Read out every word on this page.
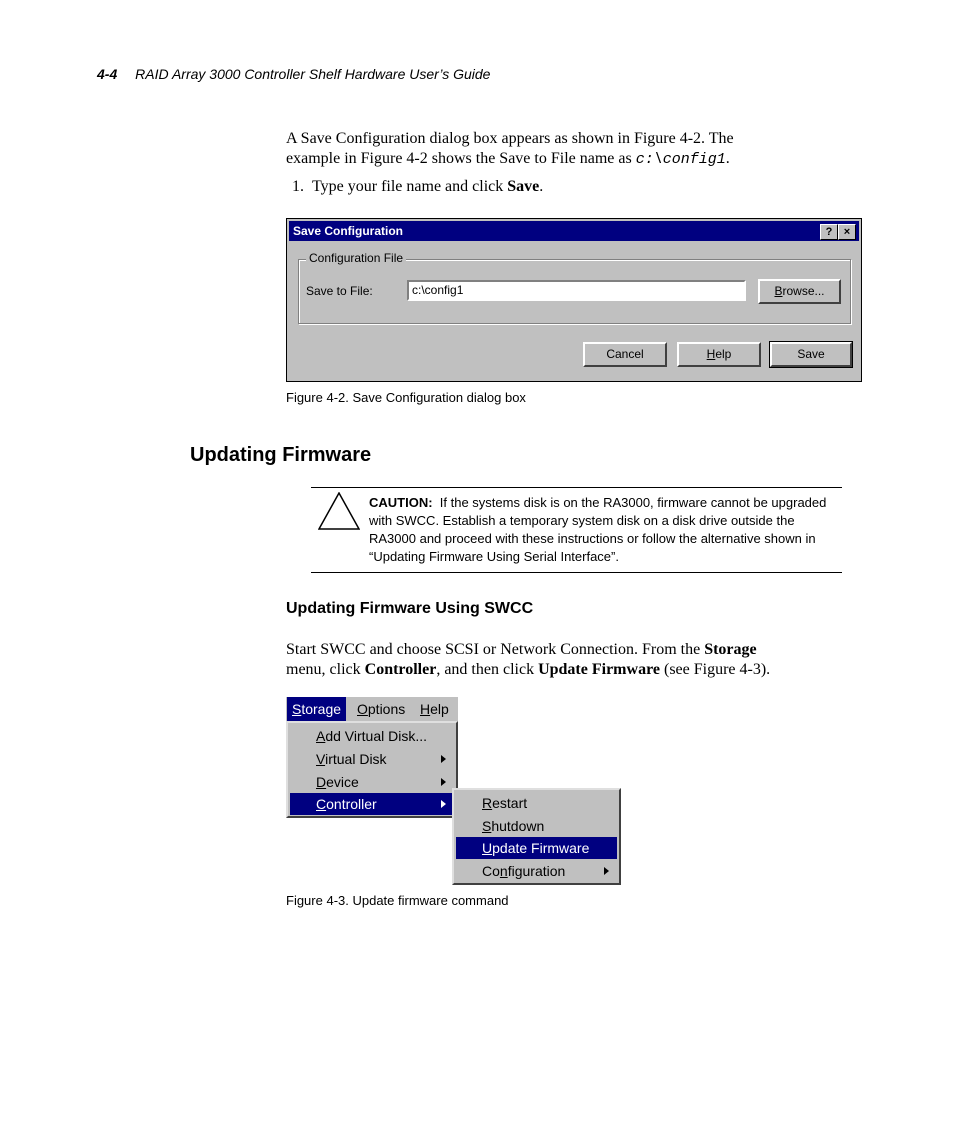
4-4 RAID Array 3000 Controller Shelf Hardware User’s Guide
A Save Configuration dialog box appears as shown in Figure 4-2. The
example in Figure 4-2 shows the Save to File name as c:\config1.
1. Type your file name and click Save.
Save Configuration	?	×
Configuration File
Save to File:	c:\config1	Browse...
Cancel	Help	Save
Figure 4-2. Save Configuration dialog box
Updating Firmware
CAUTION: If the systems disk is on the RA3000, firmware cannot be upgraded with SWCC. Establish a temporary system disk on a disk drive outside the RA3000 and proceed with these instructions or follow the alternative shown in “Updating Firmware Using Serial Interface”.
Updating Firmware Using SWCC
Start SWCC and choose SCSI or Network Connection. From the Storage
menu, click Controller, and then click Update Firmware (see Figure 4-3).
Storage	Options	Help
Add Virtual Disk...
Virtual Disk
Device
Controller	Restart
Shutdown
Update Firmware
Configuration
Figure 4-3. Update firmware command
